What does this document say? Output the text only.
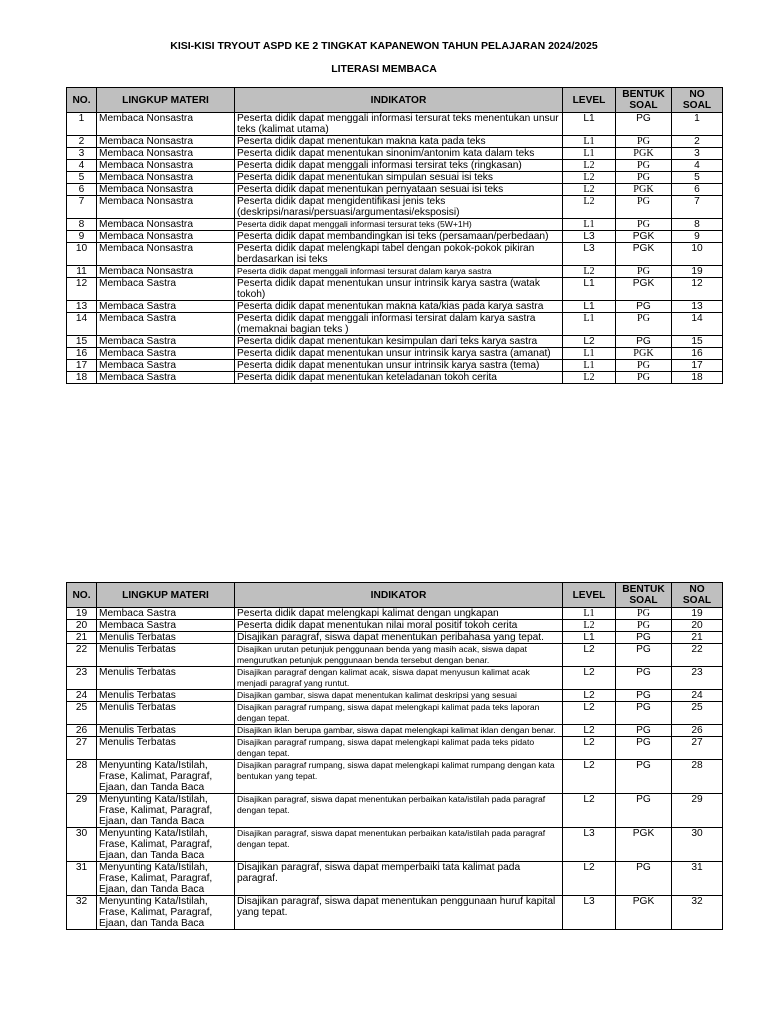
KISI-KISI TRYOUT ASPD KE 2 TINGKAT KAPANEWON TAHUN PELAJARAN 2024/2025
LITERASI MEMBACA
NO.	LINGKUP MATERI	INDIKATOR	LEVEL	BENTUK SOAL	NO SOAL
1	Membaca Nonsastra	Peserta didik dapat menggali informasi tersurat teks menentukan unsur teks (kalimat utama)	L1	PG	1
2	Membaca Nonsastra	Peserta didik dapat menentukan makna kata pada teks	L1	PG	2
3	Membaca Nonsastra	Peserta didik dapat menentukan sinonim/antonim kata dalam teks	L1	PGK	3
4	Membaca Nonsastra	Peserta didik dapat menggali informasi tersirat teks (ringkasan)	L2	PG	4
5	Membaca Nonsastra	Peserta didik dapat menentukan simpulan sesuai isi teks	L2	PG	5
6	Membaca Nonsastra	Peserta didik dapat menentukan pernyataan sesuai isi teks	L2	PGK	6
7	Membaca Nonsastra	Peserta didik dapat mengidentifikasi jenis teks (deskripsi/narasi/persuasi/argumentasi/eksposisi)	L2	PG	7
8	Membaca Nonsastra	Peserta didik dapat menggali informasi tersurat teks (5W+1H)	L1	PG	8
9	Membaca Nonsastra	Peserta didik dapat membandingkan isi teks (persamaan/perbedaan)	L3	PGK	9
10	Membaca Nonsastra	Peserta didik dapat melengkapi tabel dengan pokok-pokok pikiran berdasarkan isi teks	L3	PGK	10
11	Membaca Nonsastra	Peserta didik dapat menggali informasi tersurat dalam karya sastra	L2	PG	19
12	Membaca Sastra	Peserta didik dapat menentukan unsur intrinsik karya sastra (watak tokoh)	L1	PGK	12
13	Membaca Sastra	Peserta didik dapat menentukan makna kata/kias pada karya sastra	L1	PG	13
14	Membaca Sastra	Peserta didik dapat menggali informasi tersirat dalam karya sastra (memaknai bagian teks )	L1	PG	14
15	Membaca Sastra	Peserta didik dapat menentukan kesimpulan dari teks karya sastra	L2	PG	15
16	Membaca Sastra	Peserta didik dapat menentukan unsur intrinsik karya sastra (amanat)	L1	PGK	16
17	Membaca Sastra	Peserta didik dapat menentukan unsur intrinsik karya sastra (tema)	L1	PG	17
18	Membaca Sastra	Peserta didik dapat menentukan keteladanan tokoh cerita	L2	PG	18
NO.	LINGKUP MATERI	INDIKATOR	LEVEL	BENTUK SOAL	NO SOAL
19	Membaca Sastra	Peserta didik dapat melengkapi kalimat dengan ungkapan	L1	PG	19
20	Membaca Sastra	Peserta didik dapat menentukan nilai moral positif tokoh cerita	L2	PG	20
21	Menulis Terbatas	Disajikan paragraf, siswa dapat menentukan peribahasa yang tepat.	L1	PG	21
22	Menulis Terbatas	Disajikan urutan petunjuk penggunaan benda yang masih acak, siswa dapat mengurutkan petunjuk penggunaan benda tersebut dengan benar.	L2	PG	22
23	Menulis Terbatas	Disajikan paragraf dengan kalimat acak, siswa dapat menyusun kalimat acak menjadi paragraf yang runtut.	L2	PG	23
24	Menulis Terbatas	Disajikan gambar, siswa dapat menentukan kalimat deskripsi yang sesuai	L2	PG	24
25	Menulis Terbatas	Disajikan paragraf rumpang, siswa dapat melengkapi kalimat pada teks laporan dengan tepat.	L2	PG	25
26	Menulis Terbatas	Disajikan iklan berupa gambar, siswa dapat melengkapi kalimat iklan dengan benar.	L2	PG	26
27	Menulis Terbatas	Disajikan paragraf rumpang, siswa dapat melengkapi kalimat pada teks pidato dengan tepat.	L2	PG	27
28	Menyunting Kata/Istilah, Frase, Kalimat, Paragraf, Ejaan, dan Tanda Baca	Disajikan paragraf rumpang, siswa dapat melengkapi kalimat rumpang dengan kata bentukan yang tepat.	L2	PG	28
29	Menyunting Kata/Istilah, Frase, Kalimat, Paragraf, Ejaan, dan Tanda Baca	Disajikan paragraf, siswa dapat menentukan perbaikan kata/istilah pada paragraf dengan tepat.	L2	PG	29
30	Menyunting Kata/Istilah, Frase, Kalimat, Paragraf, Ejaan, dan Tanda Baca	Disajikan paragraf, siswa dapat menentukan perbaikan kata/istilah pada paragraf dengan tepat.	L3	PGK	30
31	Menyunting Kata/Istilah, Frase, Kalimat, Paragraf, Ejaan, dan Tanda Baca	Disajikan paragraf, siswa dapat memperbaiki tata kalimat pada paragraf.	L2	PG	31
32	Menyunting Kata/Istilah, Frase, Kalimat, Paragraf, Ejaan, dan Tanda Baca	Disajikan paragraf, siswa dapat menentukan penggunaan huruf kapital yang tepat.	L3	PGK	32
